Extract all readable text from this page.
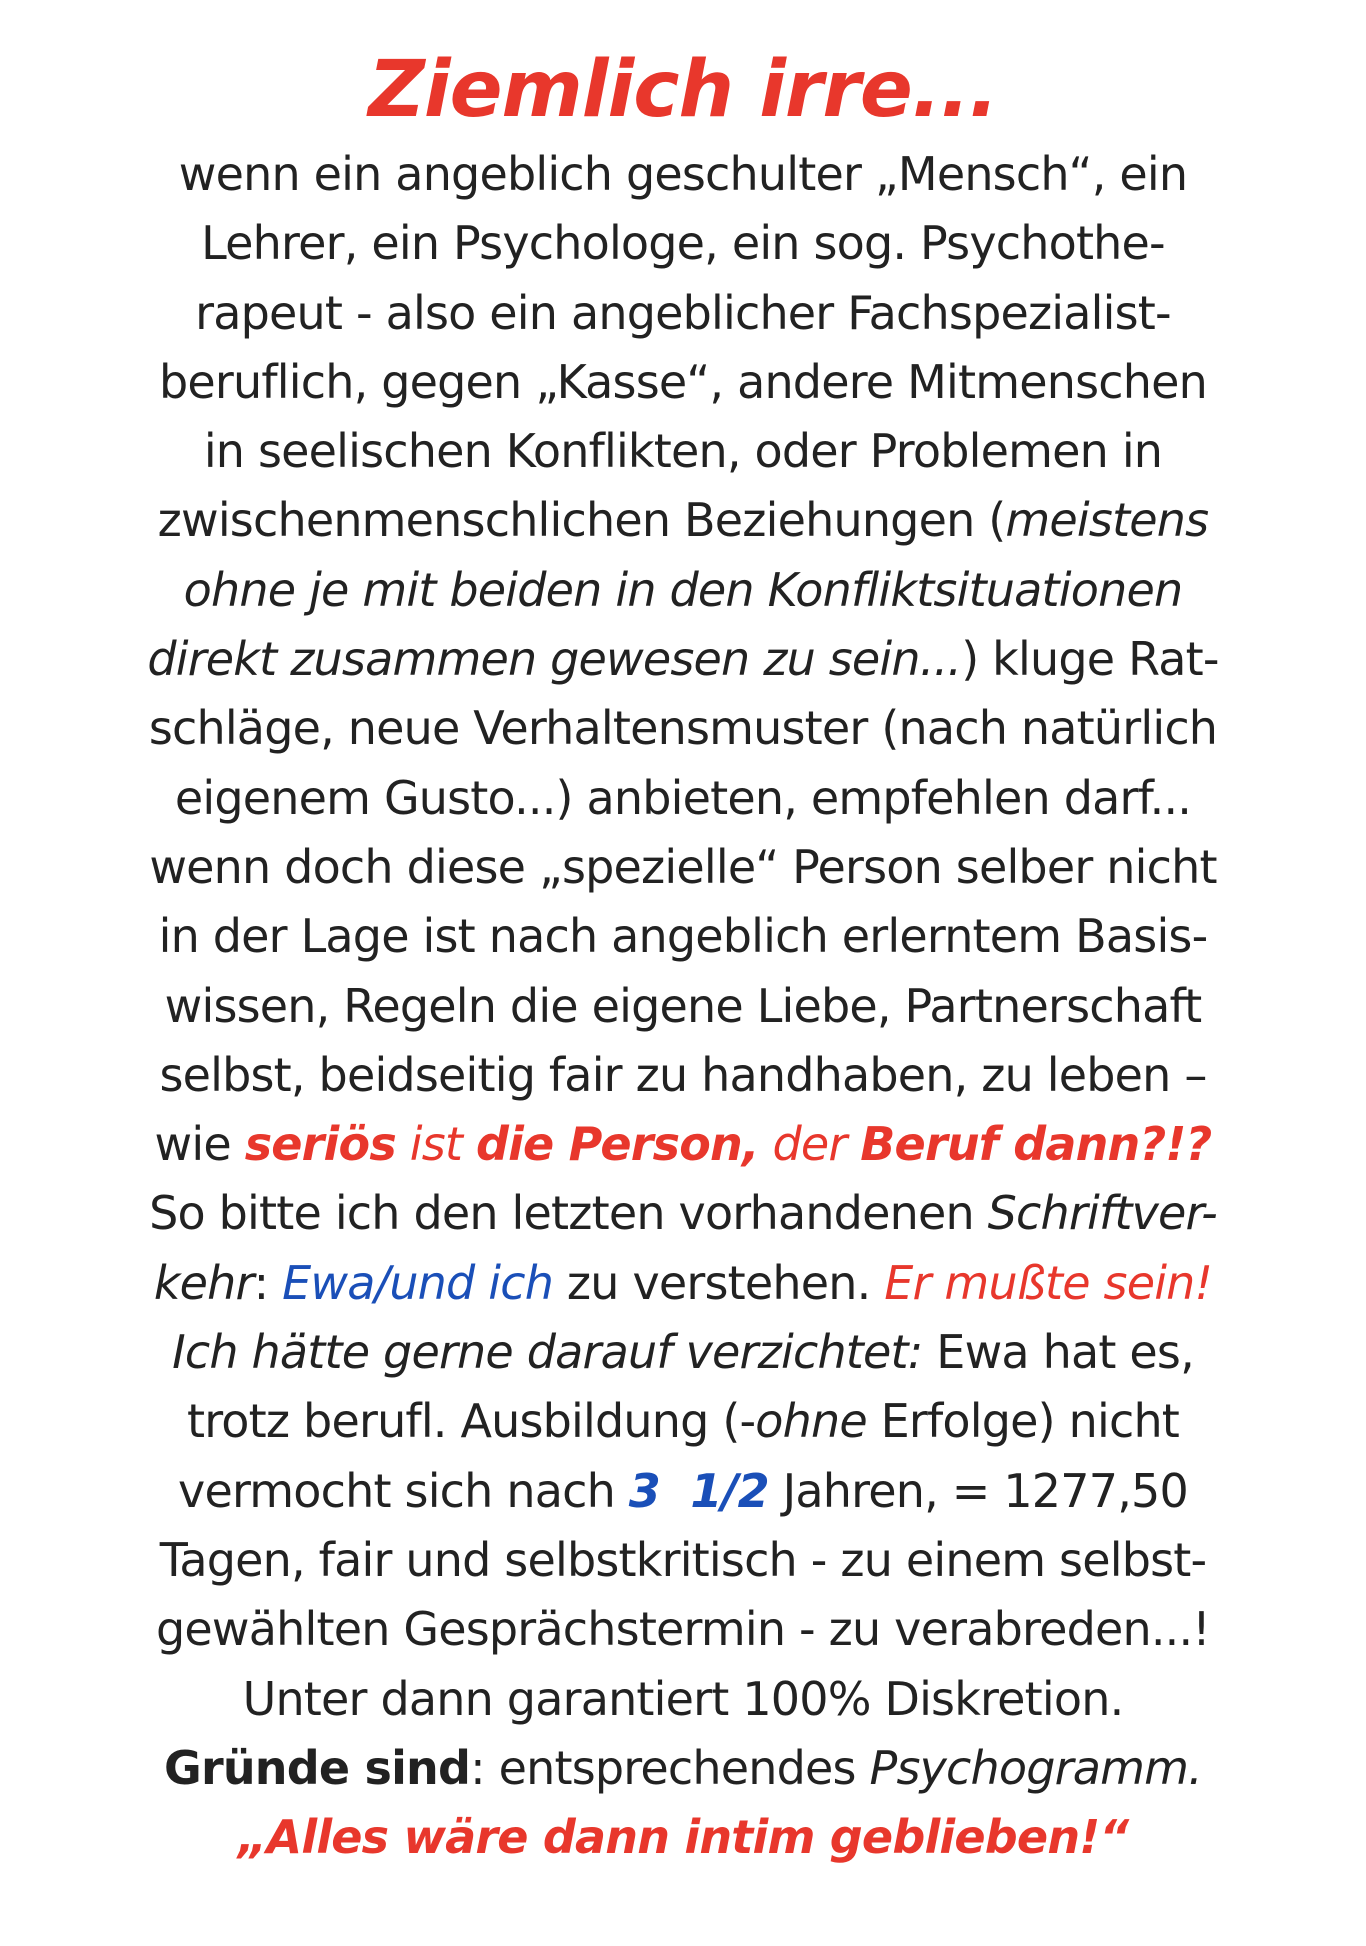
Ziemlich irre...
wenn ein angeblich geschulter „Mensch“, ein
Lehrer, ein Psychologe, ein sog. Psychothe-
rapeut - also ein angeblicher Fachspezialist-
beruflich, gegen „Kasse“, andere Mitmenschen
in seelischen Konflikten, oder Problemen in
zwischenmenschlichen Beziehungen (meistens
ohne je mit beiden in den Konfliktsituationen
direkt zusammen gewesen zu sein...) kluge Rat-
schläge, neue Verhaltensmuster (nach natürlich
eigenem Gusto...) anbieten, empfehlen darf...
wenn doch diese „spezielle“ Person selber nicht
in der Lage ist nach angeblich erlerntem Basis-
wissen, Regeln die eigene Liebe, Partnerschaft
selbst, beidseitig fair zu handhaben, zu leben –
wie seriös ist die Person, der Beruf dann?!?
So bitte ich den letzten vorhandenen Schriftver-
kehr: Ewa/und ich zu verstehen. Er mußte sein!
Ich hätte gerne darauf verzichtet: Ewa hat es,
trotz berufl. Ausbildung (-ohne Erfolge) nicht
vermocht sich nach 3  1/2 Jahren, = 1277,50
Tagen, fair und selbstkritisch - zu einem selbst-
gewählten Gesprächstermin - zu verabreden...!
Unter dann garantiert 100% Diskretion.
Gründe sind: entsprechendes Psychogramm.
„Alles wäre dann intim geblieben!“
